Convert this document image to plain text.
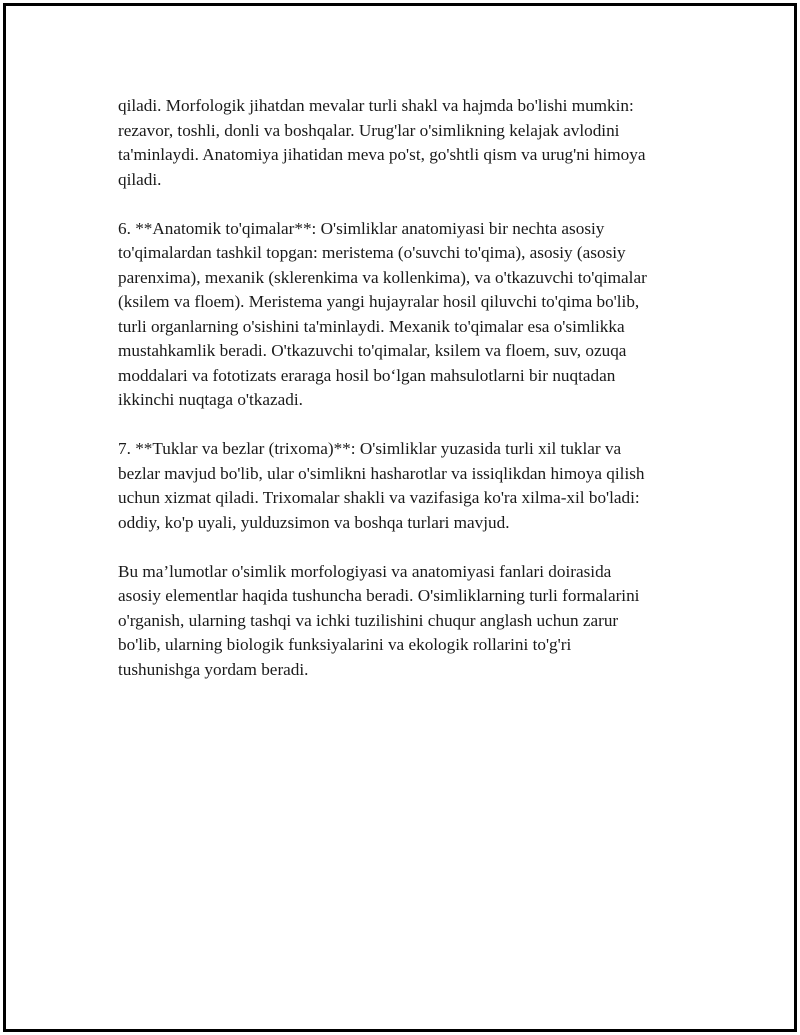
qiladi. Morfologik jihatdan mevalar turli shakl va hajmda bo'lishi mumkin:
rezavor, toshli, donli va boshqalar. Urug'lar o'simlikning kelajak avlodini
ta'minlaydi. Anatomiya jihatidan meva po'st, go'shtli qism va urug'ni himoya
qiladi.

6. **Anatomik to'qimalar**: O'simliklar anatomiyasi bir nechta asosiy
to'qimalardan tashkil topgan: meristema (o'suvchi to'qima), asosiy (asosiy
parenxima), mexanik (sklerenkima va kollenkima), va o'tkazuvchi to'qimalar
(ksilem va floem). Meristema yangi hujayralar hosil qiluvchi to'qima bo'lib,
turli organlarning o'sishini ta'minlaydi. Mexanik to'qimalar esa o'simlikka
mustahkamlik beradi. O'tkazuvchi to'qimalar, ksilem va floem, suv, ozuqa
moddalari va fototizats eraraga hosil bo‘lgan mahsulotlarni bir nuqtadan
ikkinchi nuqtaga o'tkazadi.

7. **Tuklar va bezlar (trixoma)**: O'simliklar yuzasida turli xil tuklar va
bezlar mavjud bo'lib, ular o'simlikni hasharotlar va issiqlikdan himoya qilish
uchun xizmat qiladi. Trixomalar shakli va vazifasiga ko'ra xilma-xil bo'ladi:
oddiy, ko'p uyali, yulduzsimon va boshqa turlari mavjud.

Bu ma’lumotlar o'simlik morfologiyasi va anatomiyasi fanlari doirasida
asosiy elementlar haqida tushuncha beradi. O'simliklarning turli formalarini
o'rganish, ularning tashqi va ichki tuzilishini chuqur anglash uchun zarur
bo'lib, ularning biologik funksiyalarini va ekologik rollarini to'g'ri
tushunishga yordam beradi.
